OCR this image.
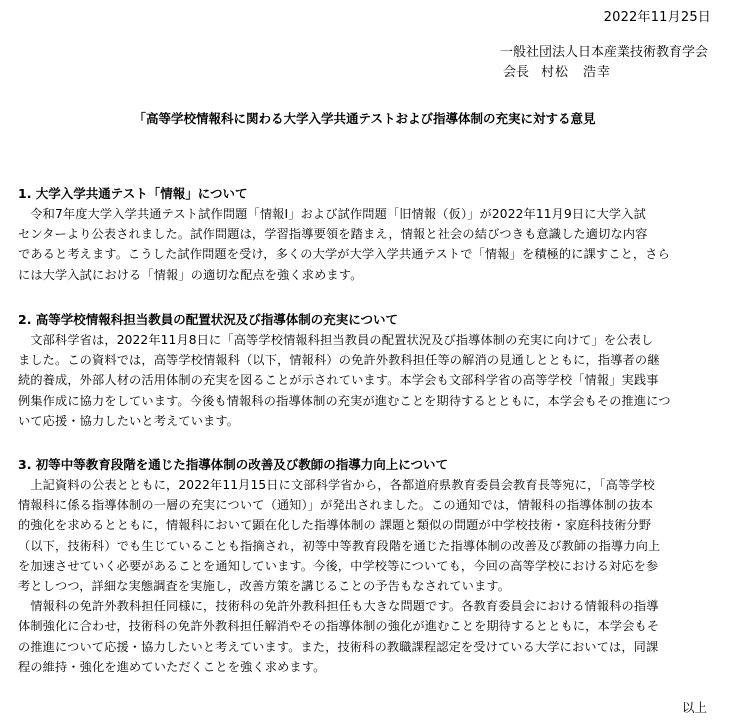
2022年11月25日
一般社団法人日本産業技術教育学会
会長 村松　浩幸
「高等学校情報科に関わる大学入学共通テストおよび指導体制の充実に対する意見
1. 大学入学共通テスト「情報」について

　令和7年度大学入学共通テスト試作問題「情報Ⅰ」および試作問題「旧情報（仮）」が2022年11月9日に大学入試
センターより公表されました。試作問題は，学習指導要領を踏まえ，情報と社会の結びつきも意識した適切な内容
であると考えます。こうした試作問題を受け，多くの大学が大学入学共通テストで「情報」を積極的に課すこと，さら
には大学入試における「情報」の適切な配点を強く求めます。

2. 高等学校情報科担当教員の配置状況及び指導体制の充実について

　文部科学省は，2022年11月8日に「高等学校情報科担当教員の配置状況及び指導体制の充実に向けて」を公表し
ました。この資料では，高等学校情報科（以下，情報科）の免許外教科担任等の解消の見通しとともに，指導者の継
続的養成，外部人材の活用体制の充実を図ることが示されています。本学会も文部科学省の高等学校「情報」実践事
例集作成に協力をしています。今後も情報科の指導体制の充実が進むことを期待するとともに，本学会もその推進につ
いて応援・協力したいと考えています。

3. 初等中等教育段階を通じた指導体制の改善及び教師の指導力向上について

　上記資料の公表とともに，2022年11月15日に文部科学省から，各都道府県教育委員会教育長等宛に，「高等学校
情報科に係る指導体制の一層の充実について（通知）」が発出されました。この通知では，情報科の指導体制の抜本
的強化を求めるとともに，情報科において顕在化した指導体制の 課題と類似の問題が中学校技術・家庭科技術分野
（以下，技術科）でも生じていることも指摘され，初等中等教育段階を通じた指導体制の改善及び教師の指導力向上
を加速させていく必要があることを通知しています。今後，中学校等についても，今回の高等学校における対応を参
考としつつ，詳細な実態調査を実施し，改善方策を講じることの予告もなされています。

　情報科の免許外教科担任同様に，技術科の免許外教科担任も大きな問題です。各教育委員会における情報科の指導
体制強化に合わせ，技術科の免許外教科担任解消やその指導体制の強化が進むことを期待するとともに，本学会もそ
の推進について応援・協力したいと考えています。また，技術科の教職課程認定を受けている大学においては，同課
程の維持・強化を進めていただくことを強く求めます。

以上
